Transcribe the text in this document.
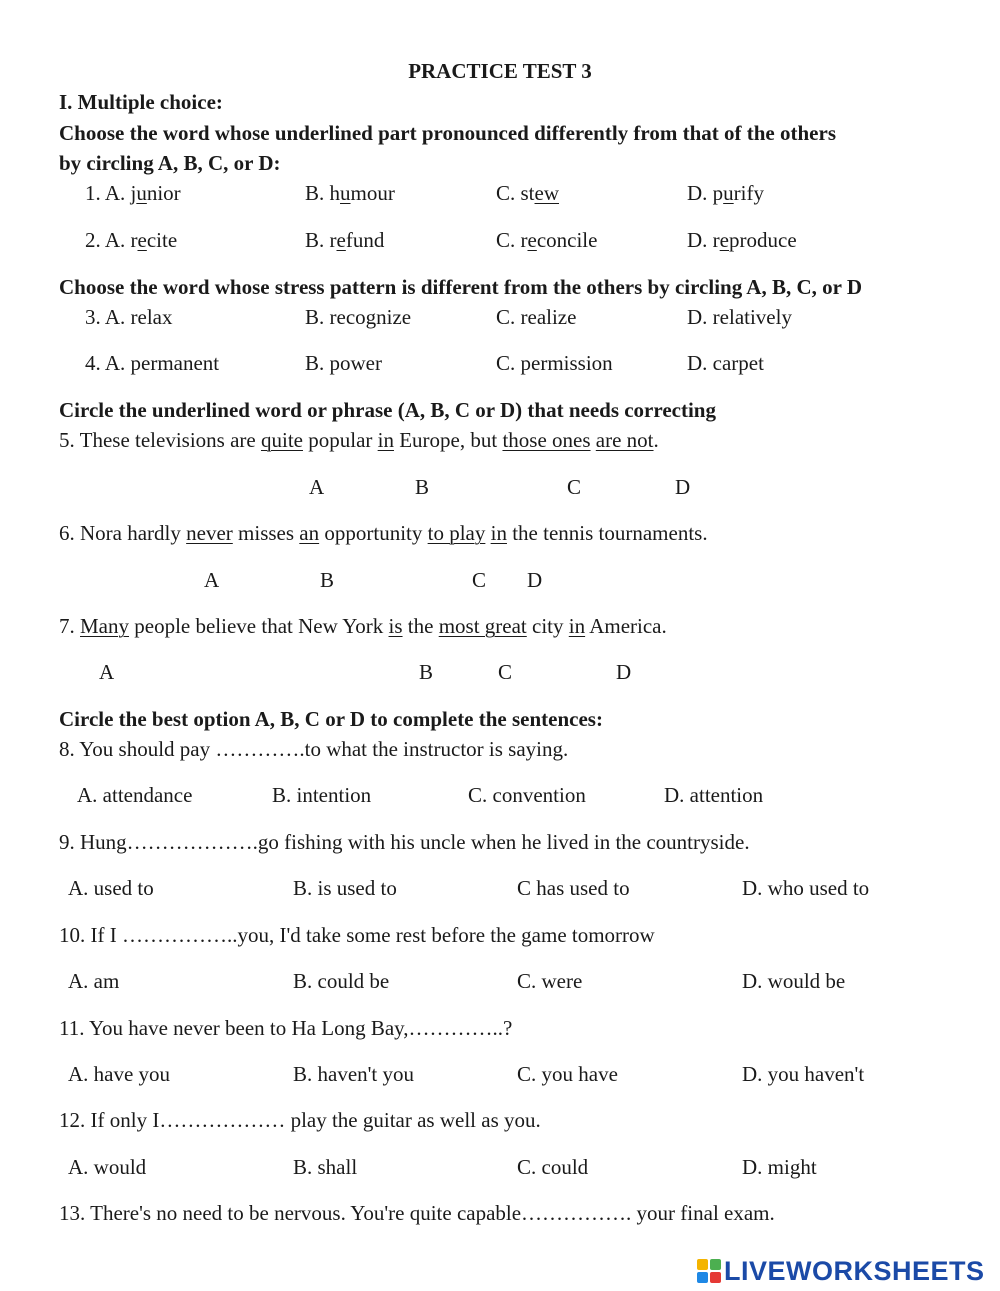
PRACTICE TEST 3
I. Multiple choice:
Choose the word whose underlined part pronounced differently from that of the others
by circling A, B, C, or D:
1. A. junior	B. humour	C. stew	D. purify
2. A. recite	B. refund	C. reconcile	D. reproduce
Choose the word whose stress pattern is different from the others by circling A, B, C, or D
3. A. relax	B. recognize	C. realize	D. relatively
4. A. permanent	B. power	C. permission	D. carpet
Circle the underlined word or phrase (A, B, C or D) that needs correcting
5. These televisions are quite popular in Europe, but those ones are not.
A	B	C	D
6. Nora hardly never misses an opportunity to play in the tennis tournaments.
A	B	C D
7. Many people believe that New York is the most great city in America.
A	B	C	D
Circle the best option A, B, C or D to complete the sentences:
8. You should pay ………….to what the instructor is saying.
A. attendance	B. intention	C. convention	D. attention
9. Hung……………….go fishing with his uncle when he lived in the countryside.
A. used to	B. is used to	C has used to	D. who used to
10. If I ……………..you, I'd take some rest before the game tomorrow
A. am	B. could be	C. were	D. would be
11. You have never been to Ha Long Bay,…………..?
A. have you	B. haven't you	C. you have	D. you haven't
12. If only I……………… play the guitar as well as you.
A. would	B. shall	C. could	D. might
13. There's no need to be nervous. You're quite capable……………. your final exam.
LIVEWORKSHEETS
